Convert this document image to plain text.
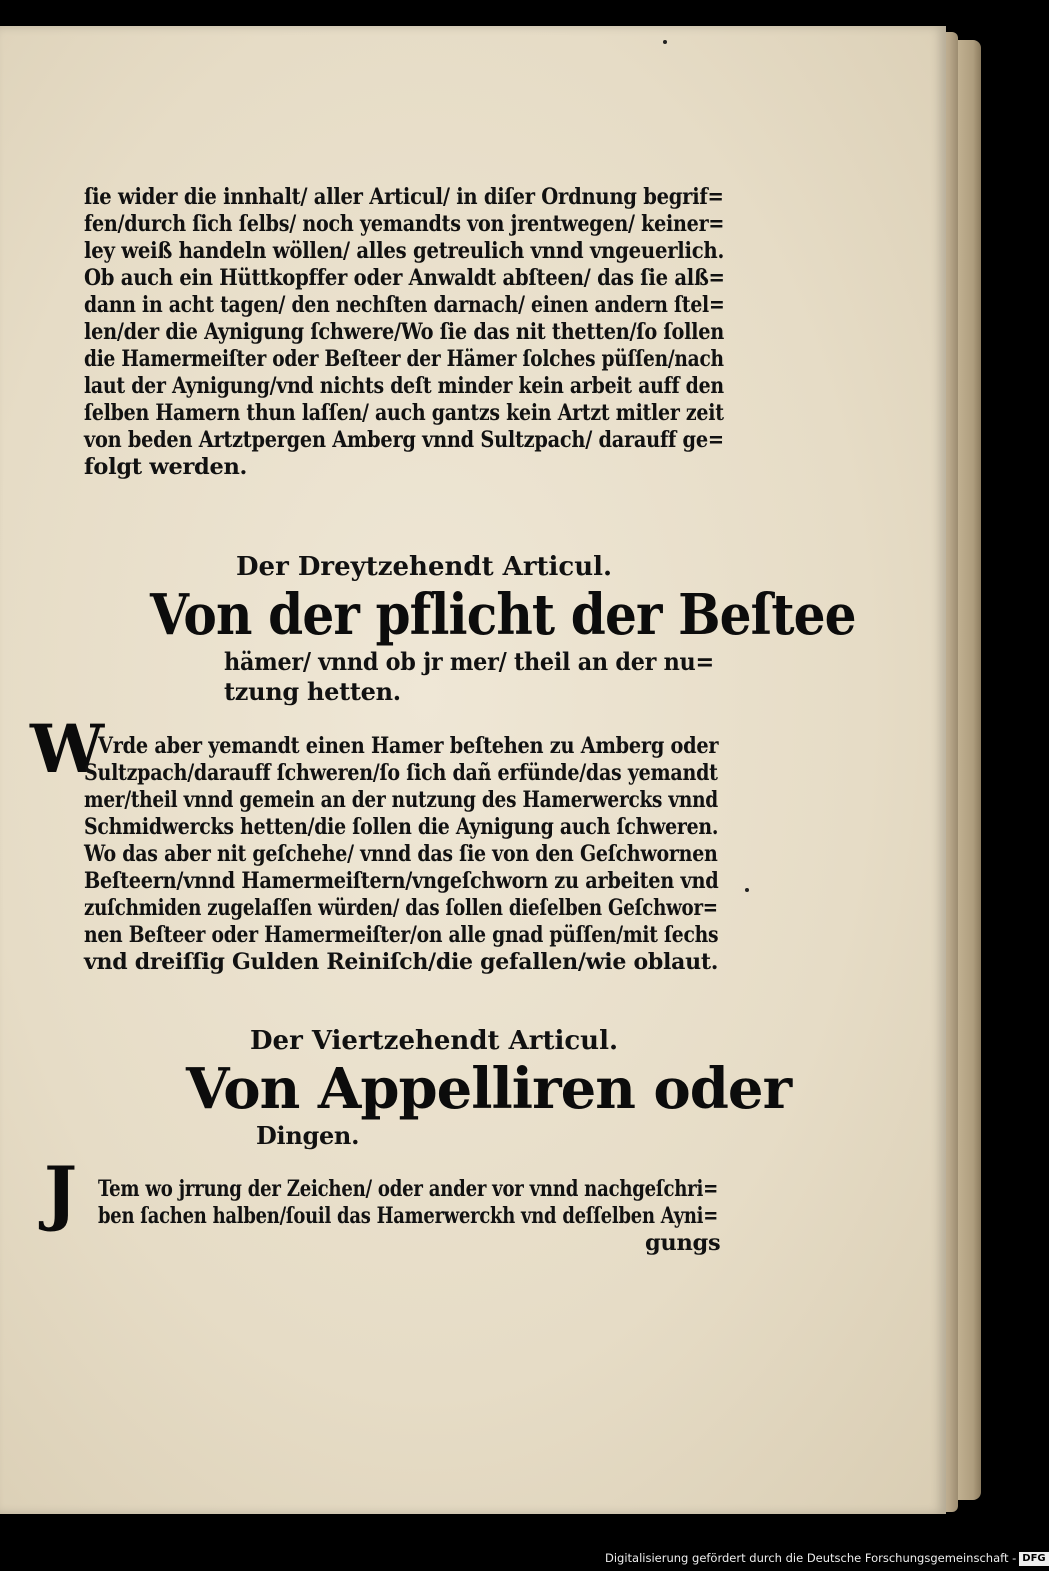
ſie wider die innhalt/ aller Articul/ in diſer Ordnung begrif=
fen/durch ſich ſelbs/ noch yemandts von jrentwegen/ keiner=
ley weiß handeln wöllen/ alles getreulich vnnd vngeuerlich.
Ob auch ein Hüttkopffer oder Anwaldt abſteen/ das ſie alß=
dann in acht tagen/ den nechſten darnach/ einen andern ſtel=
len/der die Aynigung ſchwere/Wo ſie das nit thetten/ſo ſollen
die Hamermeiſter oder Beſteer der Hämer ſolches püſſen/nach
laut der Aynigung/vnd nichts deſt minder kein arbeit auff den
ſelben Hamern thun laſſen/ auch gantzs kein Artzt mitler zeit
von beden Artztpergen Amberg vnnd Sultzpach/ darauff ge=
folgt werden.
Der Dreytzehendt Articul.
Von der pflicht der Beſtee
hämer/ vnnd ob jr mer/ theil an der nu=
tzung hetten.
W
Vrde aber yemandt einen Hamer beſtehen zu Amberg oder
Sultzpach/darauff ſchweren/ſo ſich dañ erfünde/das yemandt
mer/theil vnnd gemein an der nutzung des Hamerwercks vnnd
Schmidwercks hetten/die ſollen die Aynigung auch ſchweren.
Wo das aber nit geſchehe/ vnnd das ſie von den Geſchwornen
Beſteern/vnnd Hamermeiſtern/vngeſchworn zu arbeiten vnd
zuſchmiden zugelaſſen würden/ das ſollen dieſelben Geſchwor=
nen Beſteer oder Hamermeiſter/on alle gnad püſſen/mit ſechs
vnd dreiſſig Gulden Reiniſch/die gefallen/wie oblaut.
Der Viertzehendt Articul.
Von Appelliren oder
Dingen.
J Tem wo jrrung der Zeichen/ oder ander vor vnnd nachgeſchri=
ben ſachen halben/ſouil das Hamerwerckh vnd deſſelben Ayni=
gungs
Digitalisierung gefördert durch die Deutsche Forschungsgemeinschaft - DFG
